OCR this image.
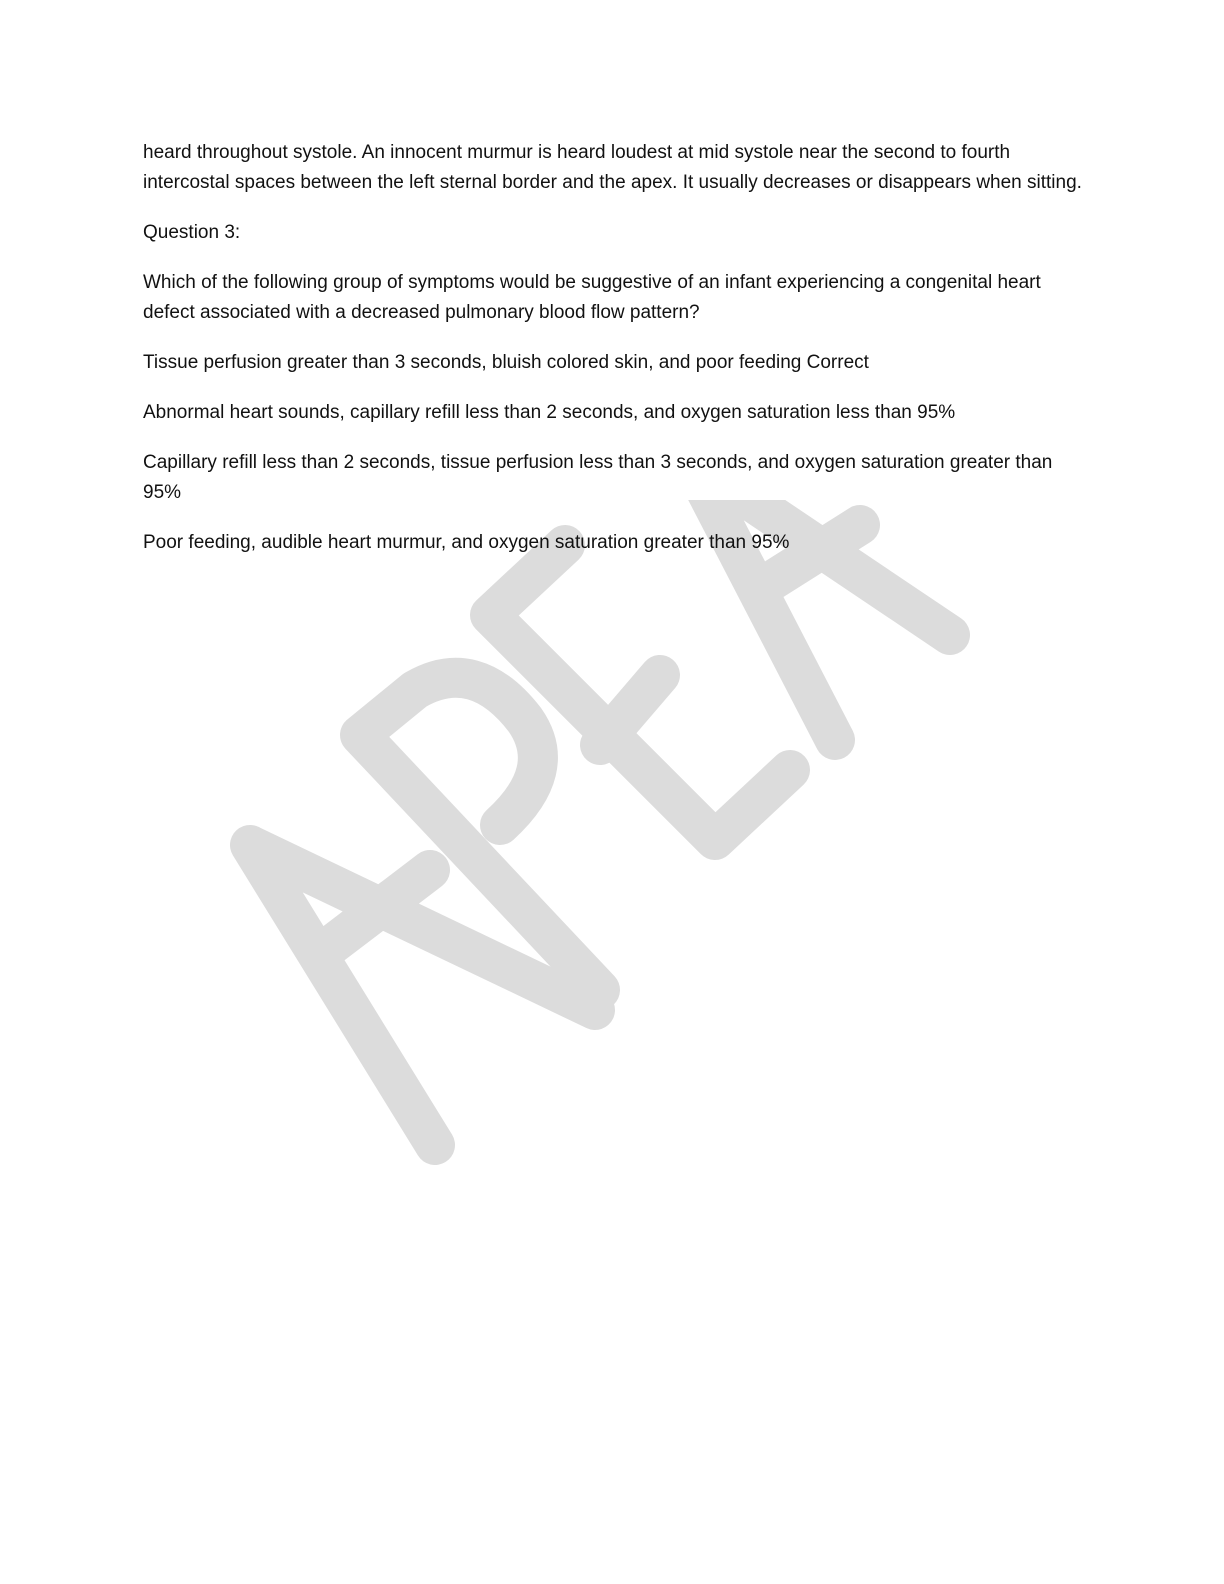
heard throughout systole. An innocent murmur is heard loudest at mid systole near the second to fourth intercostal spaces between the left sternal border and the apex. It usually decreases or disappears when sitting.

Question 3:

Which of the following group of symptoms would be suggestive of an infant experiencing a congenital heart defect associated with a decreased pulmonary blood flow pattern?

Tissue perfusion greater than 3 seconds, bluish colored skin, and poor feeding Correct

Abnormal heart sounds, capillary refill less than 2 seconds, and oxygen saturation less than 95%

Capillary refill less than 2 seconds, tissue perfusion less than 3 seconds, and oxygen saturation greater than 95%

Poor feeding, audible heart murmur, and oxygen saturation greater than 95%
